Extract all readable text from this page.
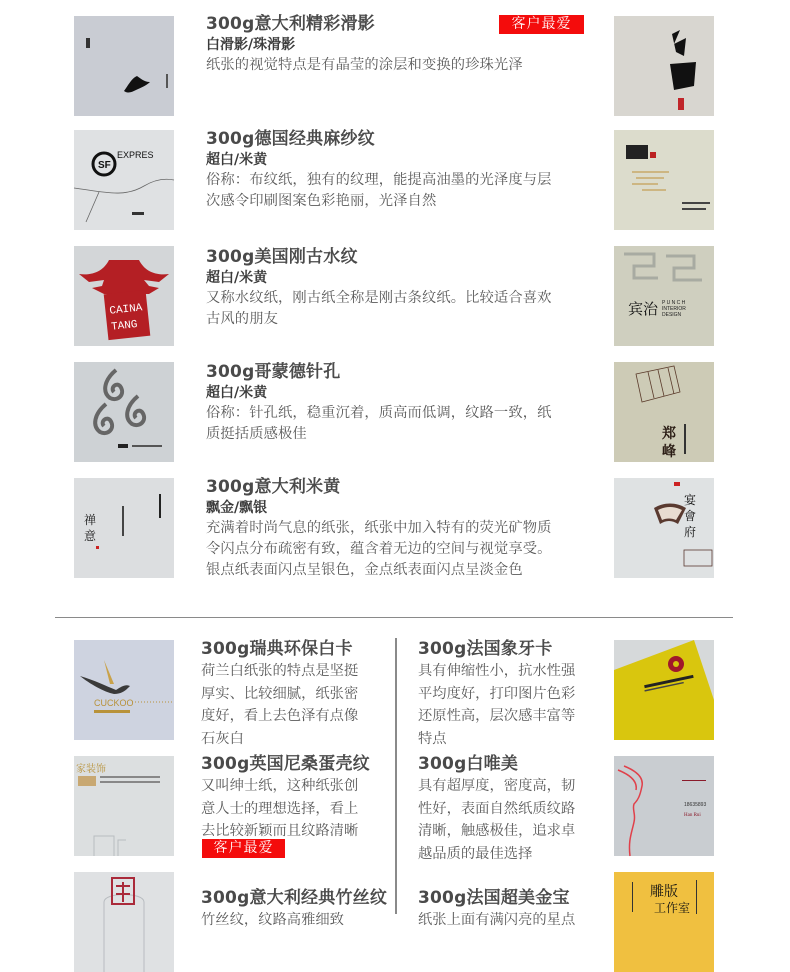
300g意大利精彩滑影
白滑影/珠滑影
纸张的视觉特点是有晶莹的涂层和变换的珍珠光泽
客户最爱
SF
EXPRES
300g德国经典麻纱纹
超白/米黄
俗称：布纹纸，独有的纹理，能提高油墨的光泽度与层
次感令印刷图案色彩艳丽，光泽自然
CAINA
TANG
300g美国刚古水纹
超白/米黄
又称水纹纸，刚古纸全称是刚古条纹纸。比较适合喜欢
古风的朋友
宾治 P U N C H
INTERIOR
DESIGN
300g哥蒙德针孔
超白/米黄
俗称：针孔纸，稳重沉着，质高而低调，纹路一致，纸
质挺括质感极佳	郑
峰
禅
意
300g意大利米黄
飘金/飘银
充满着时尚气息的纸张，纸张中加入特有的荧光矿物质
令闪点分布疏密有致，蕴含着无边的空间与视觉享受。
银点纸表面闪点呈银色，金点纸表面闪点呈淡金色
宴
會
府
CUCKOO
300g瑞典环保白卡
荷兰白纸张的特点是坚挺
厚实、比较细腻，纸张密
度好，看上去色泽有点像
石灰白
家装饰	300g英国尼桑蛋壳纹
又叫绅士纸，这种纸张创
意人士的理想选择，看上
去比较新颖而且纹路清晰
客户最爱
300g意大利经典竹丝纹
竹丝纹，纹路高雅细致
300g法国象牙卡
具有伸缩性小，抗水性强
平均度好，打印图片色彩
还原性高，层次感丰富等
特点
300g白唯美
具有超厚度，密度高，韧
性好，表面自然纸质纹路
清晰，触感极佳，追求卓
越品质的最佳选择
18635893
Han Rui
300g法国超美金宝
纸张上面有满闪亮的星点
雕版
工作室
